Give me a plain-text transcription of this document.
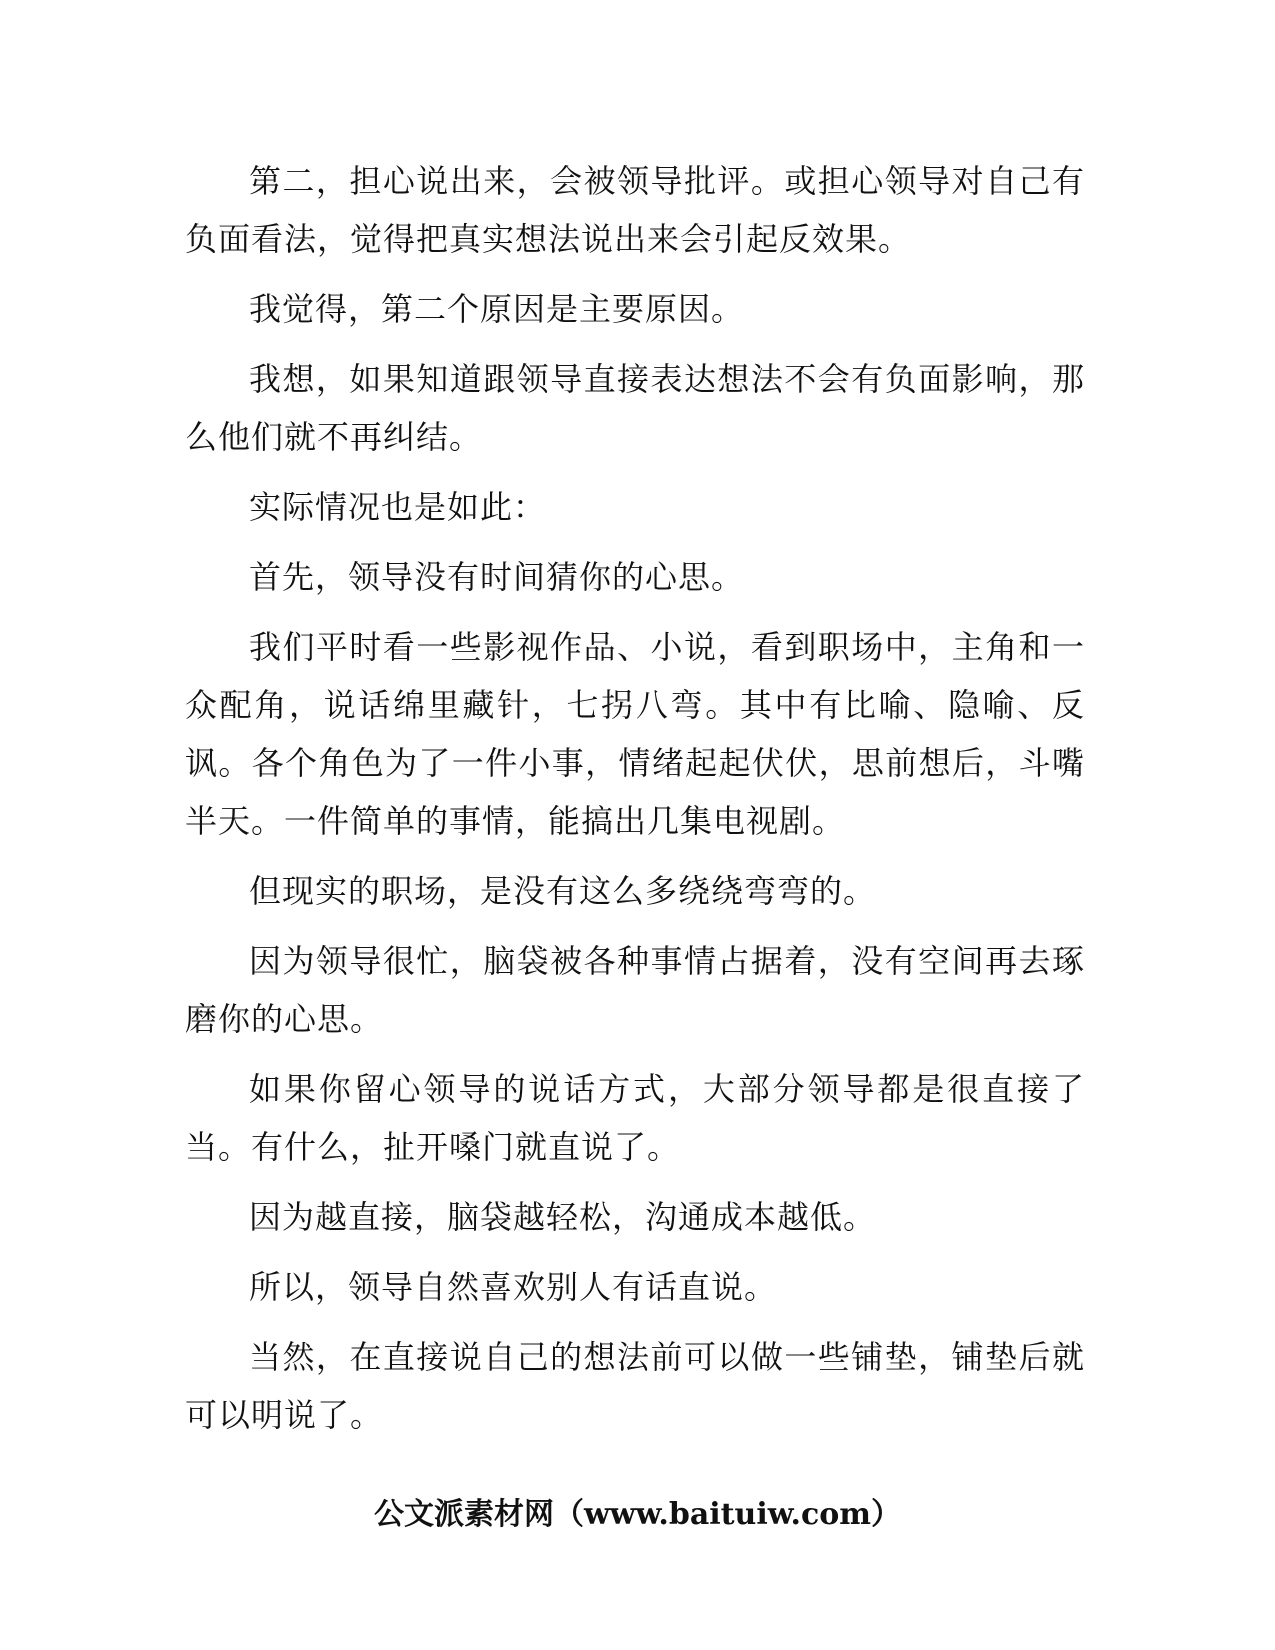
第二，担心说出来，会被领导批评。或担心领导对自己有负面看法，觉得把真实想法说出来会引起反效果。

我觉得，第二个原因是主要原因。

我想，如果知道跟领导直接表达想法不会有负面影响，那么他们就不再纠结。

实际情况也是如此：

首先，领导没有时间猜你的心思。

我们平时看一些影视作品、小说，看到职场中，主角和一众配角，说话绵里藏针，七拐八弯。其中有比喻、隐喻、反讽。各个角色为了一件小事，情绪起起伏伏，思前想后，斗嘴半天。一件简单的事情，能搞出几集电视剧。

但现实的职场，是没有这么多绕绕弯弯的。

因为领导很忙，脑袋被各种事情占据着，没有空间再去琢磨你的心思。

如果你留心领导的说话方式，大部分领导都是很直接了当。有什么，扯开嗓门就直说了。

因为越直接，脑袋越轻松，沟通成本越低。

所以，领导自然喜欢别人有话直说。

当然，在直接说自己的想法前可以做一些铺垫，铺垫后就可以明说了。

公文派素材网（www.baituiw.com）
